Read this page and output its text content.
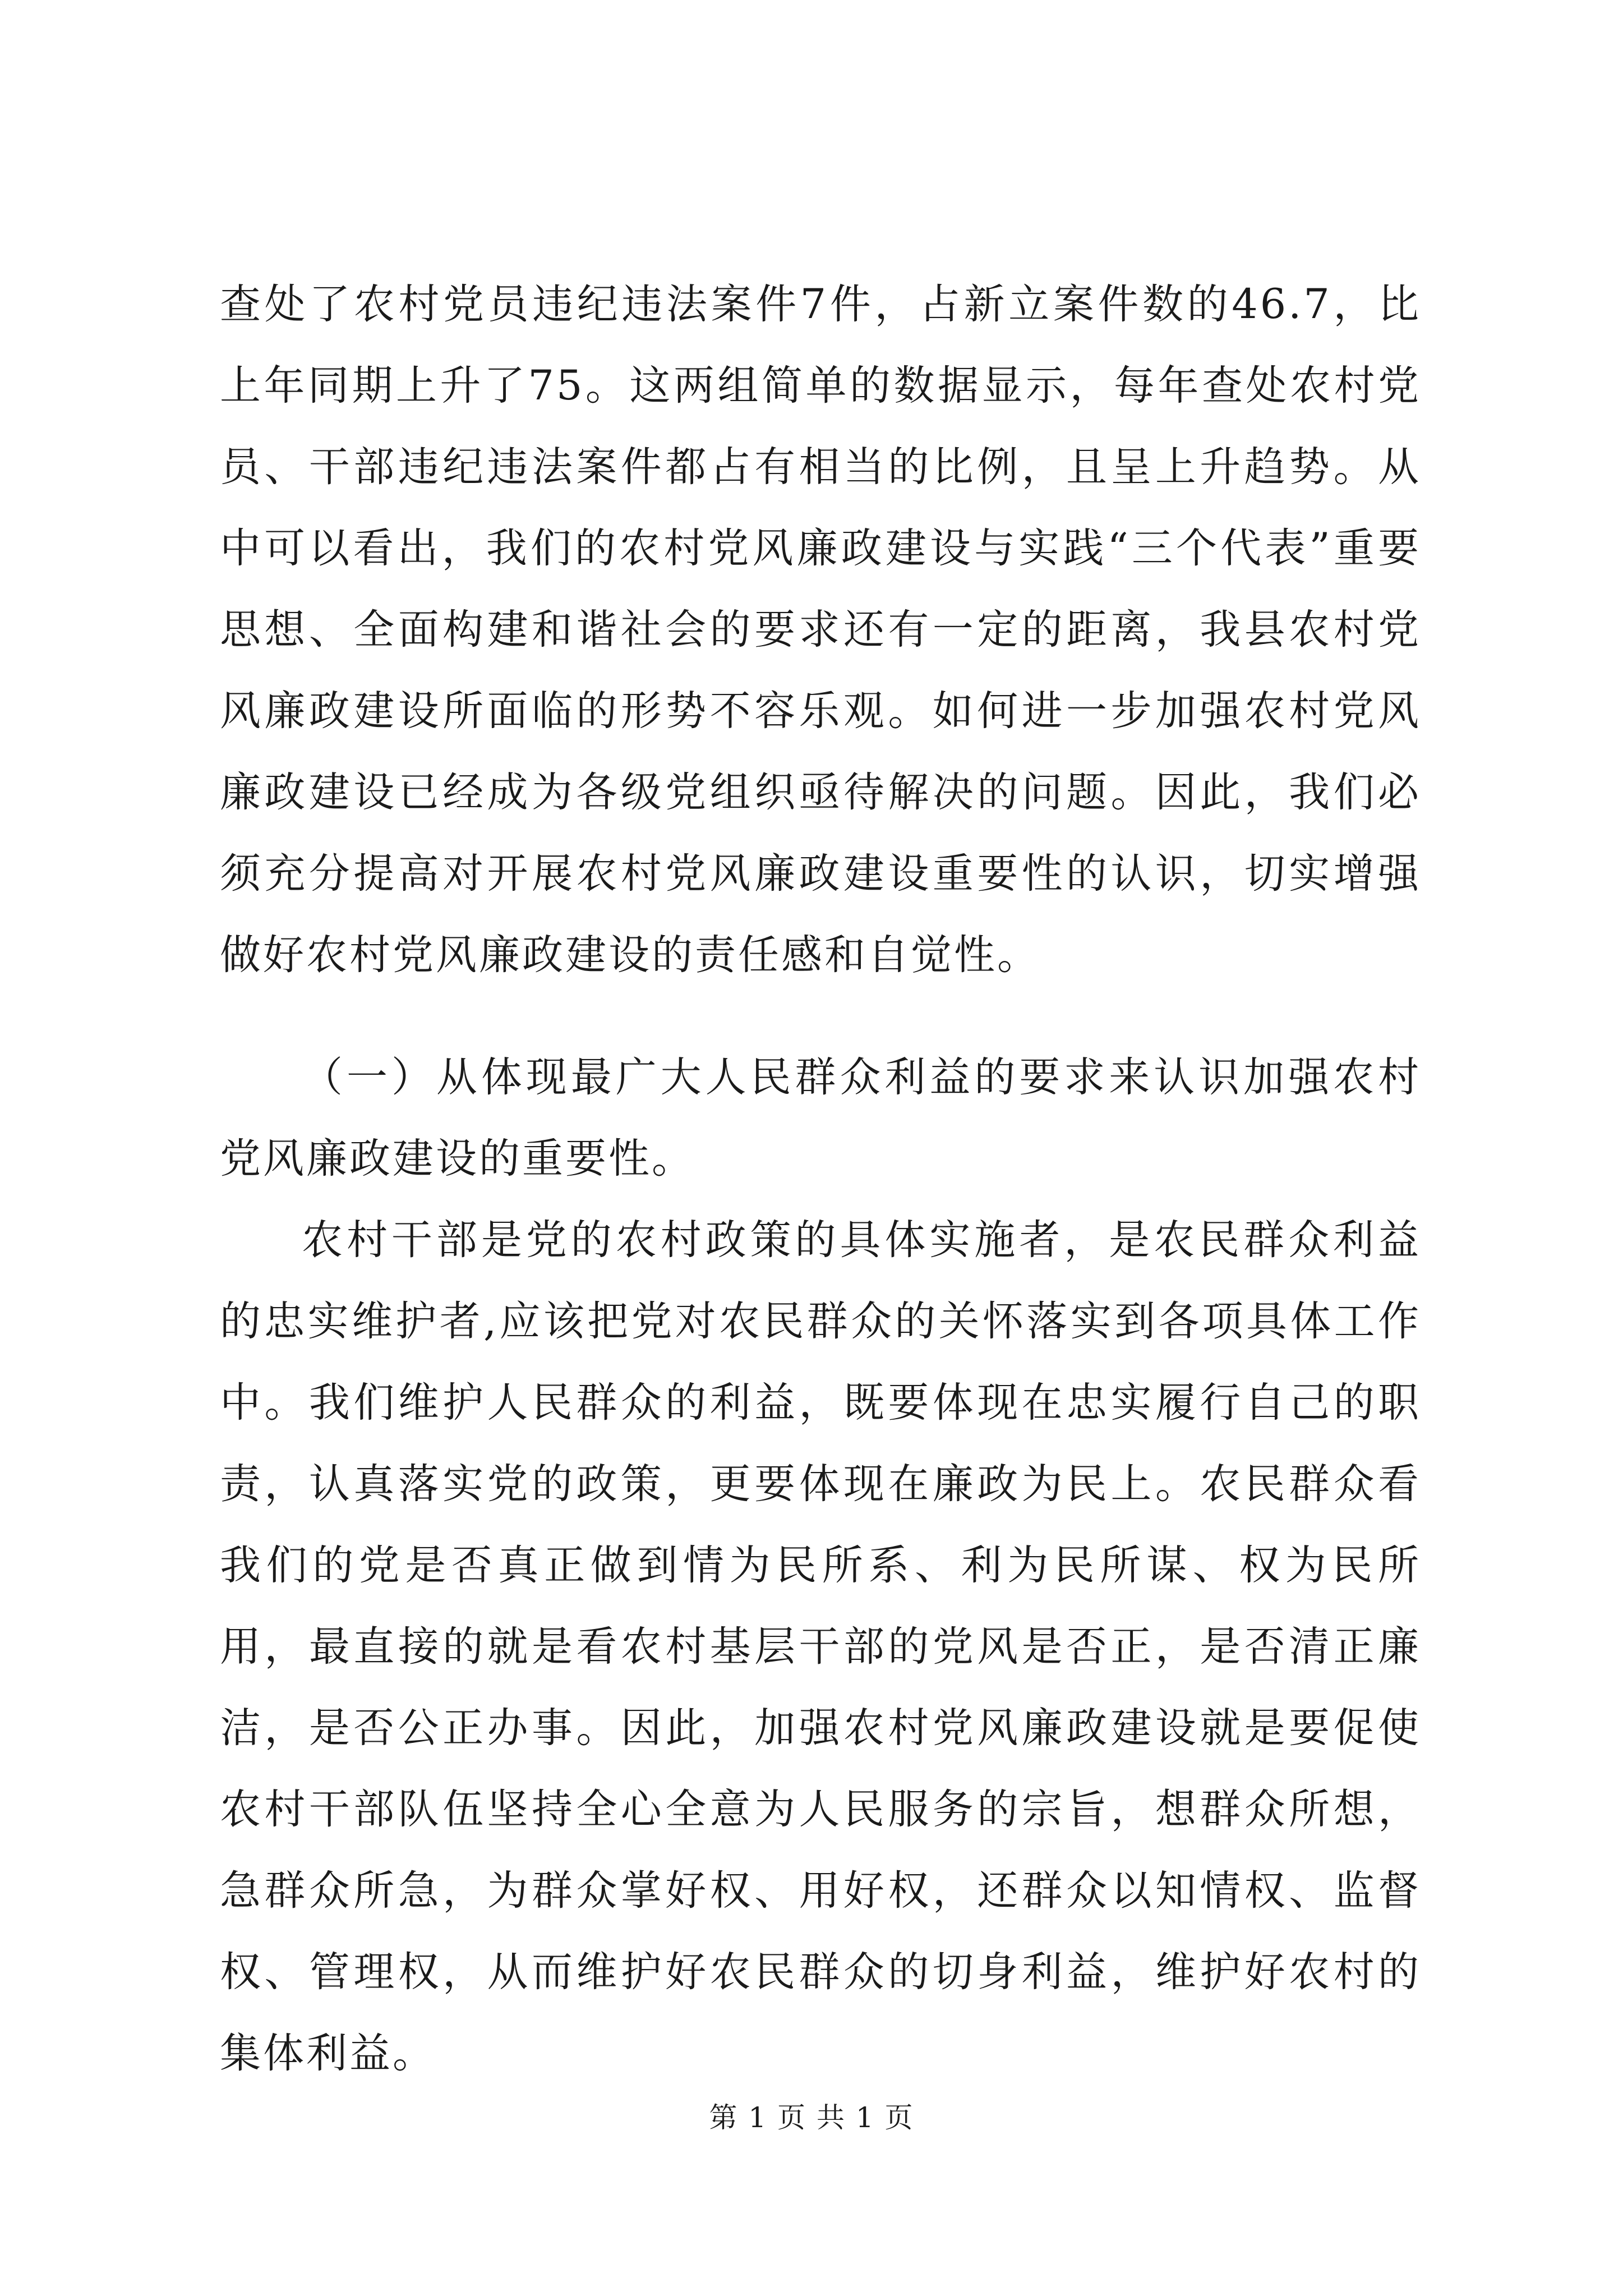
查处了农村党员违纪违法案件7件，占新立案件数的46.7，比上年同期上升了75。这两组简单的数据显示，每年查处农村党员、干部违纪违法案件都占有相当的比例，且呈上升趋势。从中可以看出，我们的农村党风廉政建设与实践“三个代表”重要思想、全面构建和谐社会的要求还有一定的距离，我县农村党风廉政建设所面临的形势不容乐观。如何进一步加强农村党风廉政建设已经成为各级党组织亟待解决的问题。因此，我们必须充分提高对开展农村党风廉政建设重要性的认识，切实增强做好农村党风廉政建设的责任感和自觉性。

（一）从体现最广大人民群众利益的要求来认识加强农村党风廉政建设的重要性。

农村干部是党的农村政策的具体实施者，是农民群众利益的忠实维护者,应该把党对农民群众的关怀落实到各项具体工作中。我们维护人民群众的利益，既要体现在忠实履行自己的职责，认真落实党的政策，更要体现在廉政为民上。农民群众看我们的党是否真正做到情为民所系、利为民所谋、权为民所用，最直接的就是看农村基层干部的党风是否正，是否清正廉洁，是否公正办事。因此，加强农村党风廉政建设就是要促使农村干部队伍坚持全心全意为人民服务的宗旨，想群众所想，急群众所急，为群众掌好权、用好权，还群众以知情权、监督权、管理权，从而维护好农民群众的切身利益，维护好农村的集体利益。

第 1 页 共 1 页
